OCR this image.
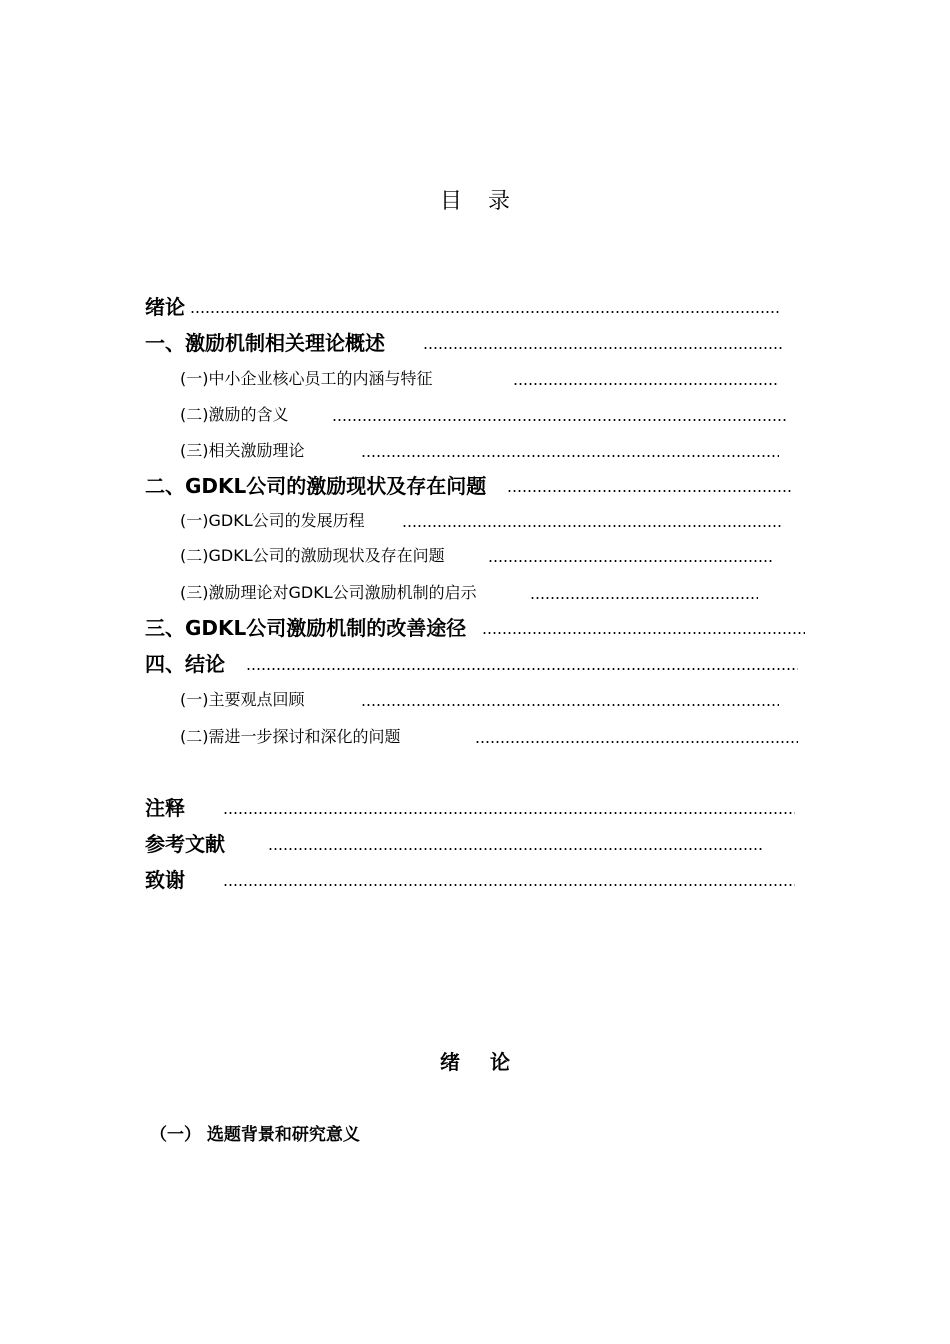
目录
绪论
一、激励机制相关理论概述
(一)中小企业核心员工的内涵与特征
(二)激励的含义
(三)相关激励理论
二、GDKL公司的激励现状及存在问题
(一)GDKL公司的发展历程
(二)GDKL公司的激励现状及存在问题
(三)激励理论对GDKL公司激励机制的启示
三、GDKL公司激励机制的改善途径
四、结论
(一)主要观点回顾
(二)需进一步探讨和深化的问题
注释
参考文献
致谢
绪论
（一） 选题背景和研究意义
